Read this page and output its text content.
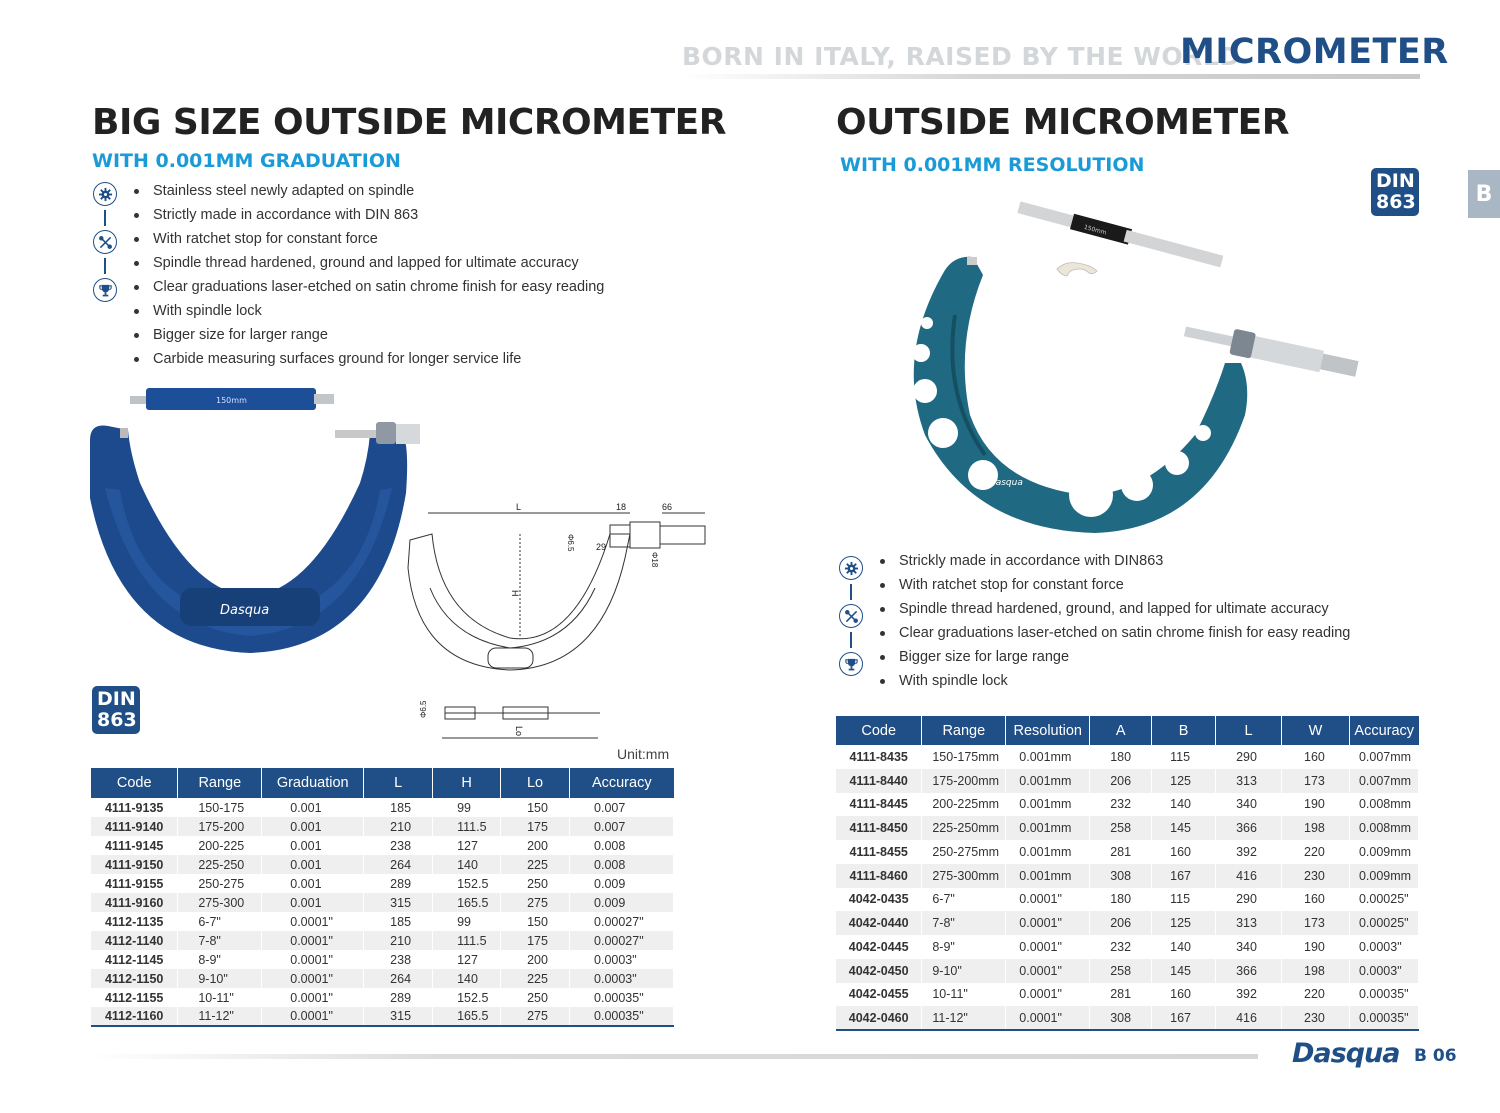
BORN IN ITALY, RAISED BY THE WORLD
MICROMETER
B
BIG SIZE OUTSIDE MICROMETER
WITH 0.001MM GRADUATION
Stainless steel newly adapted on spindle
Strictly made in accordance with DIN 863
With ratchet stop for constant force
Spindle thread hardened, ground and lapped for ultimate accuracy
Clear graduations laser-etched on satin chrome finish for easy reading
With spindle lock
Bigger size for larger range
Carbide measuring surfaces ground for longer service life
150mm
Dasqua
L	18	66
29
Φ6.5
Φ18
H
Lo
Φ6.5
DIN
863
Unit:mm
Code	Range	Graduation	L	H	Lo	Accuracy
4111-9135	150-175	0.001	185	99	150	0.007
4111-9140	175-200	0.001	210	111.5	175	0.007
4111-9145	200-225	0.001	238	127	200	0.008
4111-9150	225-250	0.001	264	140	225	0.008
4111-9155	250-275	0.001	289	152.5	250	0.009
4111-9160	275-300	0.001	315	165.5	275	0.009
4112-1135	6-7"	0.0001"	185	99	150	0.00027"
4112-1140	7-8"	0.0001"	210	111.5	175	0.00027"
4112-1145	8-9"	0.0001"	238	127	200	0.0003"
4112-1150	9-10"	0.0001"	264	140	225	0.0003"
4112-1155	10-11"	0.0001"	289	152.5	250	0.00035"
4112-1160	11-12"	0.0001"	315	165.5	275	0.00035"
OUTSIDE MICROMETER
WITH 0.001MM RESOLUTION
DIN
863
150mm
dasqua
Strickly made in accordance with DIN863
With ratchet stop for constant force
Spindle thread hardened, ground, and lapped for ultimate accuracy
Clear graduations laser-etched on satin chrome finish for easy reading
Bigger size for large range
With spindle lock
Code	Range	Resolution	A	B	L	W	Accuracy
4111-8435	150-175mm	0.001mm	180	115	290	160	0.007mm
4111-8440	175-200mm	0.001mm	206	125	313	173	0.007mm
4111-8445	200-225mm	0.001mm	232	140	340	190	0.008mm
4111-8450	225-250mm	0.001mm	258	145	366	198	0.008mm
4111-8455	250-275mm	0.001mm	281	160	392	220	0.009mm
4111-8460	275-300mm	0.001mm	308	167	416	230	0.009mm
4042-0435	6-7"	0.0001"	180	115	290	160	0.00025"
4042-0440	7-8"	0.0001"	206	125	313	173	0.00025"
4042-0445	8-9"	0.0001"	232	140	340	190	0.0003"
4042-0450	9-10"	0.0001"	258	145	366	198	0.0003"
4042-0455	10-11"	0.0001"	281	160	392	220	0.00035"
4042-0460	11-12"	0.0001"	308	167	416	230	0.00035"
Dasqua B 06
